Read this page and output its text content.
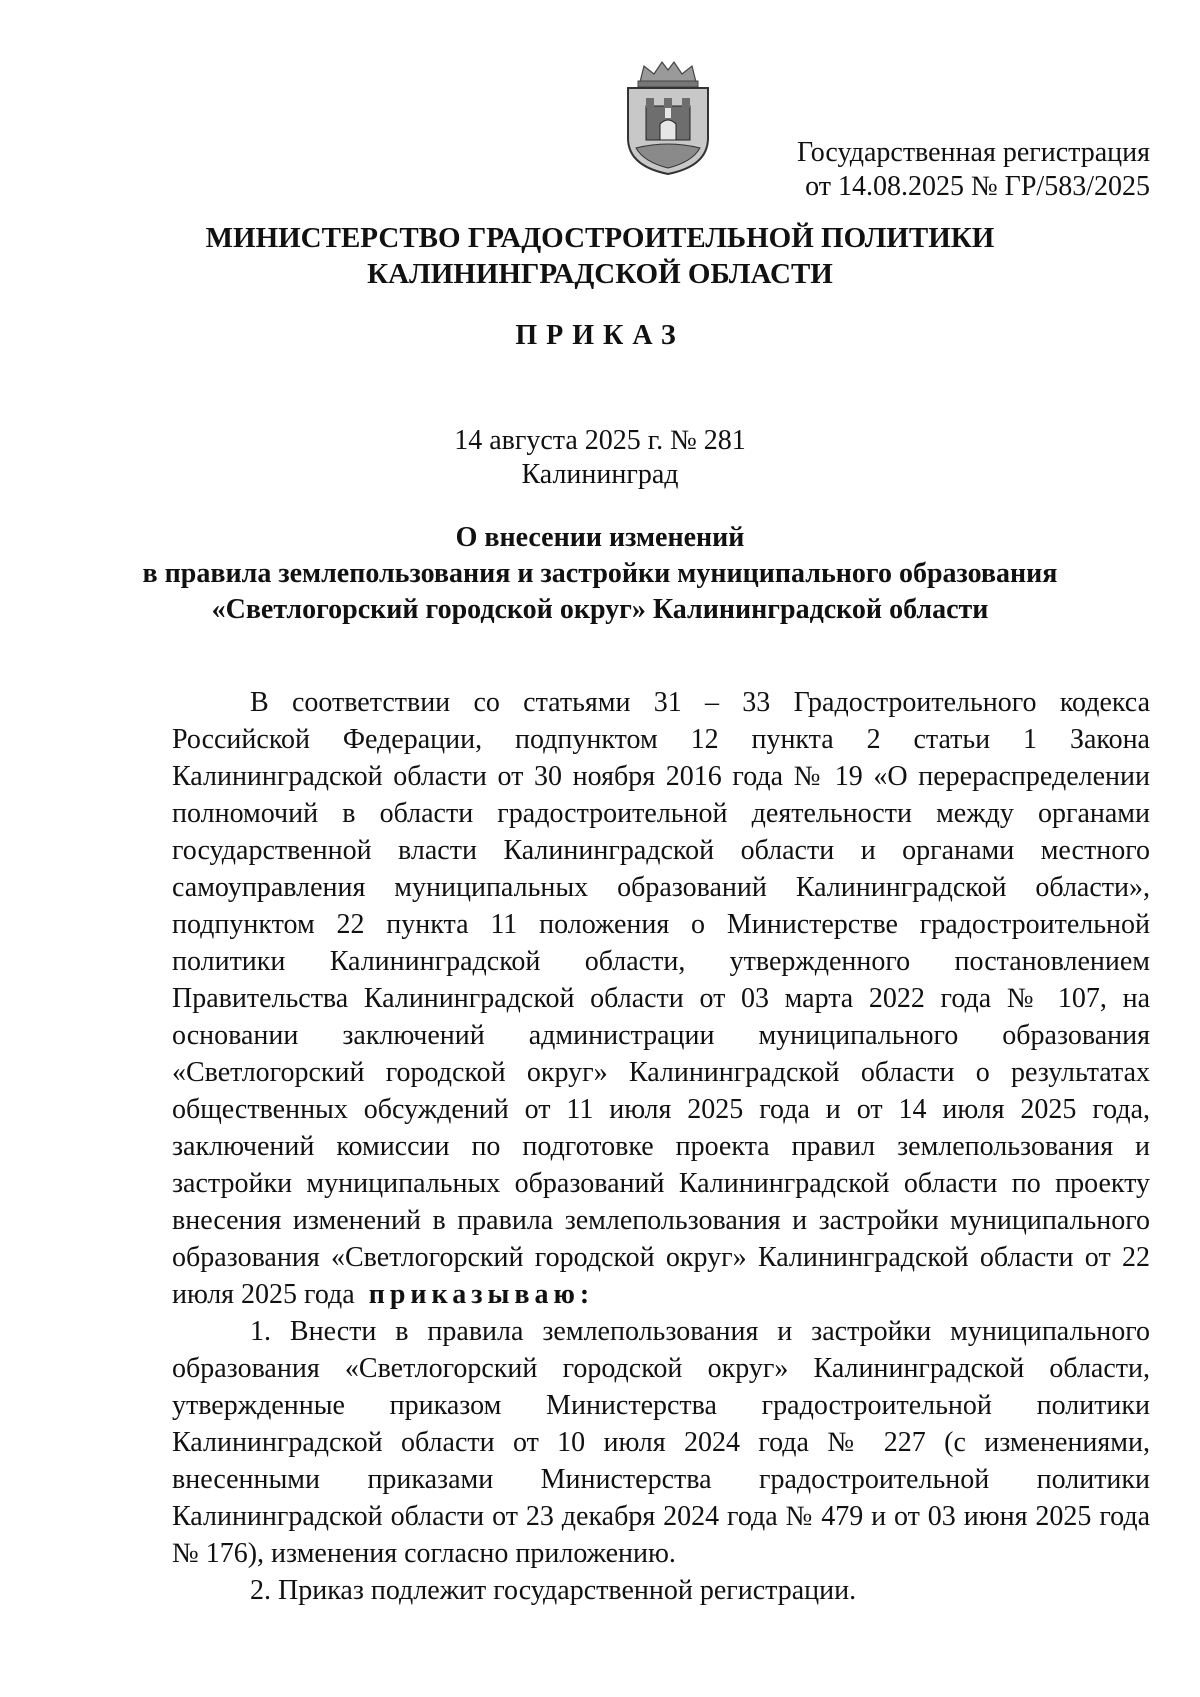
Государственная регистрация
от 14.08.2025 № ГР/583/2025
МИНИСТЕРСТВО ГРАДОСТРОИТЕЛЬНОЙ ПОЛИТИКИ
КАЛИНИНГРАДСКОЙ ОБЛАСТИ
ПРИКАЗ
14 августа 2025 г. № 281
Калининград
О внесении изменений
в правила землепользования и застройки муниципального образования
«Светлогорский городской округ» Калининградской области

В соответствии со статьями 31 – 33 Градостроительного кодекса Российской Федерации, подпунктом 12 пункта 2 статьи 1 Закона Калининградской области от 30 ноября 2016 года № 19 «О перераспределении полномочий в области градостроительной деятельности между органами государственной власти Калининградской области и органами местного самоуправления муниципальных образований Калининградской области», подпунктом 22 пункта 11 положения о Министерстве градостроительной политики Калининградской области, утвержденного постановлением Правительства Калининградской области от 03 марта 2022 года № 107, на основании заключений администрации муниципального образования «Светлогорский городской округ» Калининградской области о результатах общественных обсуждений от 11 июля 2025 года и от 14 июля 2025 года, заключений комиссии по подготовке проекта правил землепользования и застройки муниципальных образований Калининградской области по проекту внесения изменений в правила землепользования и застройки муниципального образования «Светлогорский городской округ» Калининградской области от 22 июля 2025 года приказываю:

1. Внести в правила землепользования и застройки муниципального образования «Светлогорский городской округ» Калининградской области, утвержденные приказом Министерства градостроительной политики Калининградской области от 10 июля 2024 года № 227 (с изменениями, внесенными приказами Министерства градостроительной политики Калининградской области от 23 декабря 2024 года № 479 и от 03 июня 2025 года № 176), изменения согласно приложению.

2. Приказ подлежит государственной регистрации.
